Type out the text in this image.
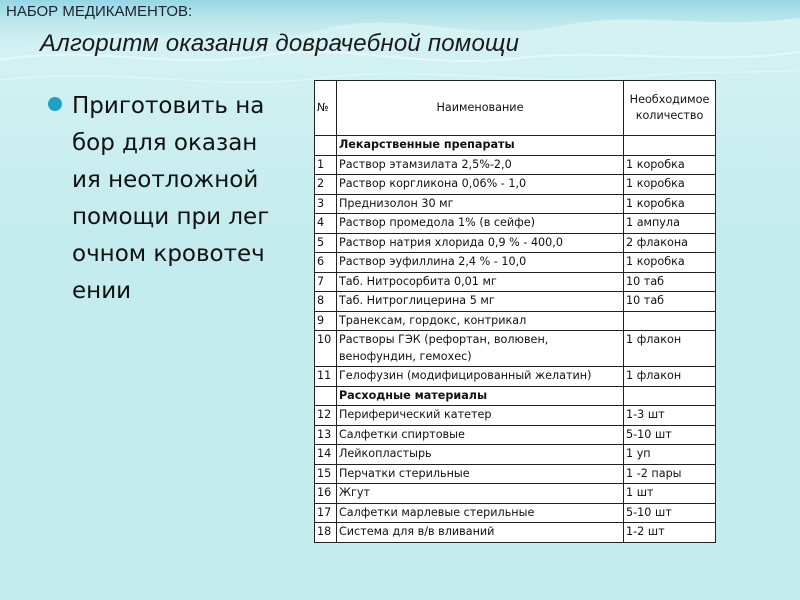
НАБОР МЕДИКАМЕНТОВ:
Алгоритм оказания доврачебной помощи
Приготовить набор для оказания неотложной помощи при легочном кровотечении
№	Наименование	Необходимое количество
	Лекарственные препараты	
1	Раствор этамзилата 2,5%-2,0	1 коробка
2	Раствор коргликона 0,06% - 1,0	1 коробка
3	Преднизолон 30 мг	1 коробка
4	Раствор промедола 1% (в сейфе)	1 ампула
5	Раствор натрия хлорида 0,9 % - 400,0	2 флакона
6	Раствор эуфиллина 2,4 % - 10,0	1 коробка
7	Таб. Нитросорбита 0,01 мг	10 таб
8	Таб. Нитроглицерина 5 мг	10 таб
9	Транексам, гордокс, контрикал	
10	Растворы ГЭК (рефортан, волювен, венофундин, гемохес)	1 флакон
11	Гелофузин (модифицированный желатин)	1 флакон
	Расходные материалы	
12	Периферический катетер	1-3 шт
13	Салфетки спиртовые	5-10 шт
14	Лейкопластырь	1 уп
15	Перчатки стерильные	1 -2 пары
16	Жгут	1 шт
17	Салфетки марлевые стерильные	5-10 шт
18	Система для в/в вливаний	1-2 шт
